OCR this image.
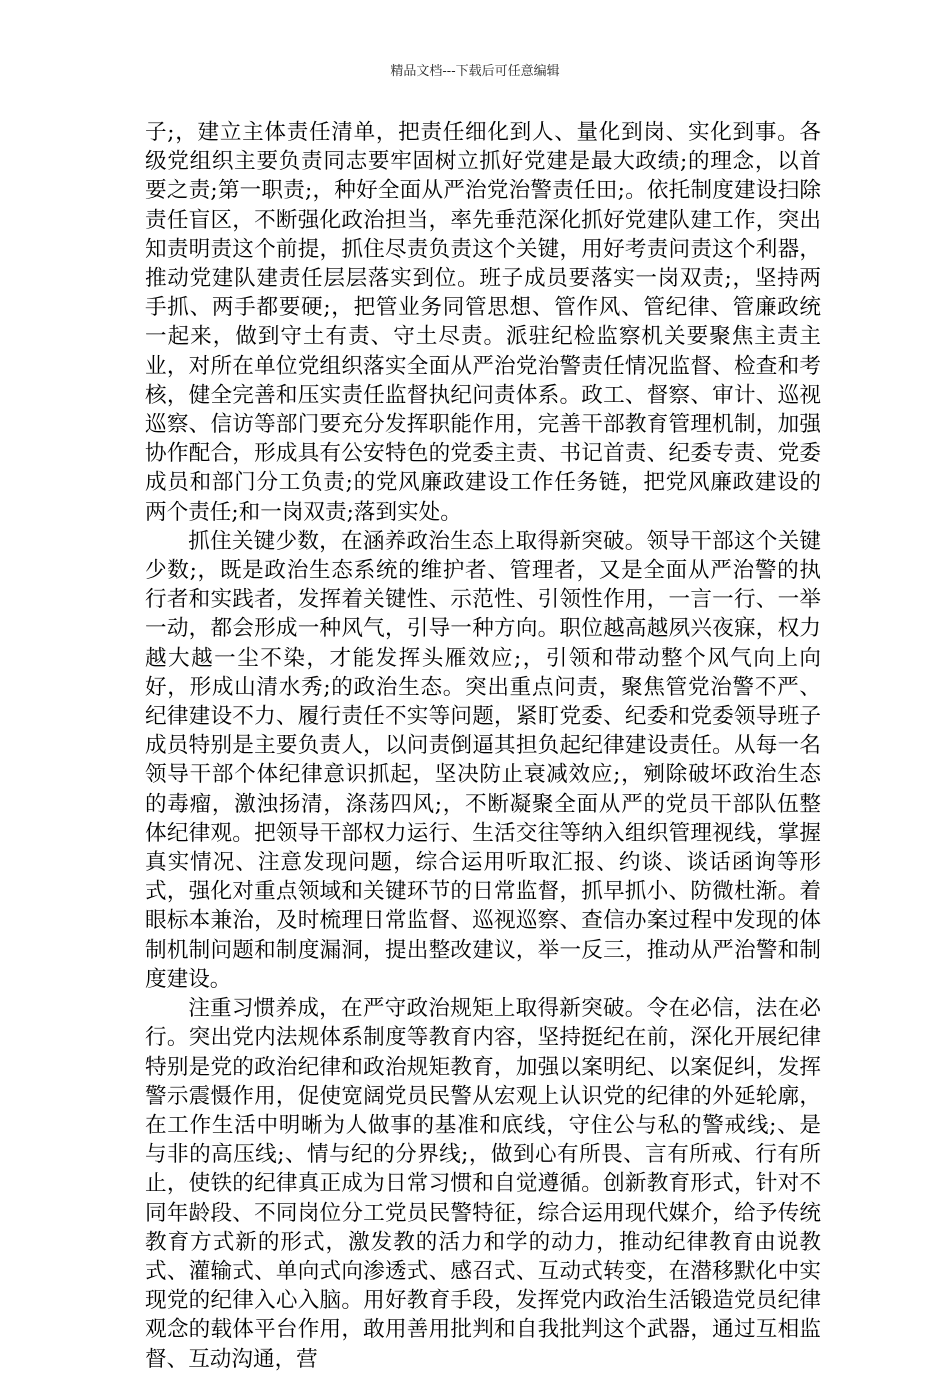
精品文档---下载后可任意编辑

子;，建立主体责任清单，把责任细化到人、量化到岗、实化到事。各级党组织主要负责同志要牢固树立抓好党建是最大政绩;的理念，以首要之责;第一职责;，种好全面从严治党治警责任田;。依托制度建设扫除责任盲区，不断强化政治担当，率先垂范深化抓好党建队建工作，突出知责明责这个前提，抓住尽责负责这个关键，用好考责问责这个利器，推动党建队建责任层层落实到位。班子成员要落实一岗双责;，坚持两手抓、两手都要硬;，把管业务同管思想、管作风、管纪律、管廉政统一起来，做到守土有责、守土尽责。派驻纪检监察机关要聚焦主责主业，对所在单位党组织落实全面从严治党治警责任情况监督、检查和考核，健全完善和压实责任监督执纪问责体系。政工、督察、审计、巡视巡察、信访等部门要充分发挥职能作用，完善干部教育管理机制，加强协作配合，形成具有公安特色的党委主责、书记首责、纪委专责、党委成员和部门分工负责;的党风廉政建设工作任务链，把党风廉政建设的两个责任;和一岗双责;落到实处。

抓住关键少数，在涵养政治生态上取得新突破。领导干部这个关键少数;，既是政治生态系统的维护者、管理者，又是全面从严治警的执行者和实践者，发挥着关键性、示范性、引领性作用，一言一行、一举一动，都会形成一种风气，引导一种方向。职位越高越夙兴夜寐，权力越大越一尘不染，才能发挥头雁效应;，引领和带动整个风气向上向好，形成山清水秀;的政治生态。突出重点问责，聚焦管党治警不严、纪律建设不力、履行责任不实等问题，紧盯党委、纪委和党委领导班子成员特别是主要负责人，以问责倒逼其担负起纪律建设责任。从每一名领导干部个体纪律意识抓起，坚决防止衰减效应;，剜除破坏政治生态的毒瘤，激浊扬清，涤荡四风;，不断凝聚全面从严的党员干部队伍整体纪律观。把领导干部权力运行、生活交往等纳入组织管理视线，掌握真实情况、注意发现问题，综合运用听取汇报、约谈、谈话函询等形式，强化对重点领域和关键环节的日常监督，抓早抓小、防微杜渐。着眼标本兼治，及时梳理日常监督、巡视巡察、查信办案过程中发现的体制机制问题和制度漏洞，提出整改建议，举一反三，推动从严治警和制度建设。

注重习惯养成，在严守政治规矩上取得新突破。令在必信，法在必行。突出党内法规体系制度等教育内容，坚持挺纪在前，深化开展纪律特别是党的政治纪律和政治规矩教育，加强以案明纪、以案促纠，发挥警示震慑作用，促使宽阔党员民警从宏观上认识党的纪律的外延轮廓，在工作生活中明晰为人做事的基准和底线，守住公与私的警戒线;、是与非的高压线;、情与纪的分界线;，做到心有所畏、言有所戒、行有所止，使铁的纪律真正成为日常习惯和自觉遵循。创新教育形式，针对不同年龄段、不同岗位分工党员民警特征，综合运用现代媒介，给予传统教育方式新的形式，激发教的活力和学的动力，推动纪律教育由说教式、灌输式、单向式向渗透式、感召式、互动式转变，在潜移默化中实现党的纪律入心入脑。用好教育手段，发挥党内政治生活锻造党员纪律观念的载体平台作用，敢用善用批判和自我批判这个武器，通过互相监督、互动沟通，营
